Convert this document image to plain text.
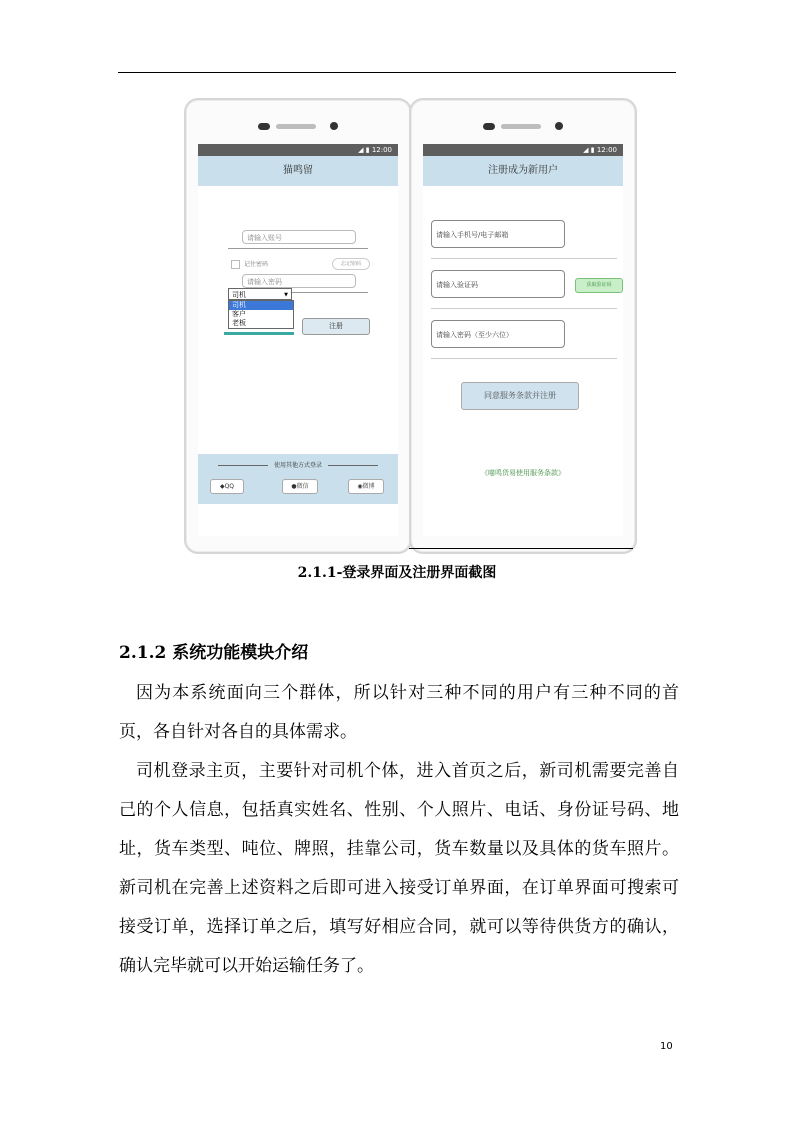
◢ ▮ 12:00
猫鸣留
请输入账号
请输入密码
记住密码	忘记密码
司机	▼
司机
客户
老板	注册
使用其他方式登录
◆QQ	●微信	◉微博
◢ ▮ 12:00
注册成为新用户
请输入手机号/电子邮箱
请输入验证码	获取验证码
请输入密码（至少六位）
同意服务条款并注册
《喵鸣货易使用服务条款》
2.1.1-登录界面及注册界面截图
2.1.2 系统功能模块介绍
因为本系统面向三个群体，所以针对三种不同的用户有三种不同的首页，各自针对各自的具体需求。
司机登录主页，主要针对司机个体，进入首页之后，新司机需要完善自己的个人信息，包括真实姓名、性别、个人照片、电话、身份证号码、地址，货车类型、吨位、牌照，挂靠公司，货车数量以及具体的货车照片。新司机在完善上述资料之后即可进入接受订单界面，在订单界面可搜索可接受订单，选择订单之后，填写好相应合同，就可以等待供货方的确认，确认完毕就可以开始运输任务了。
10
